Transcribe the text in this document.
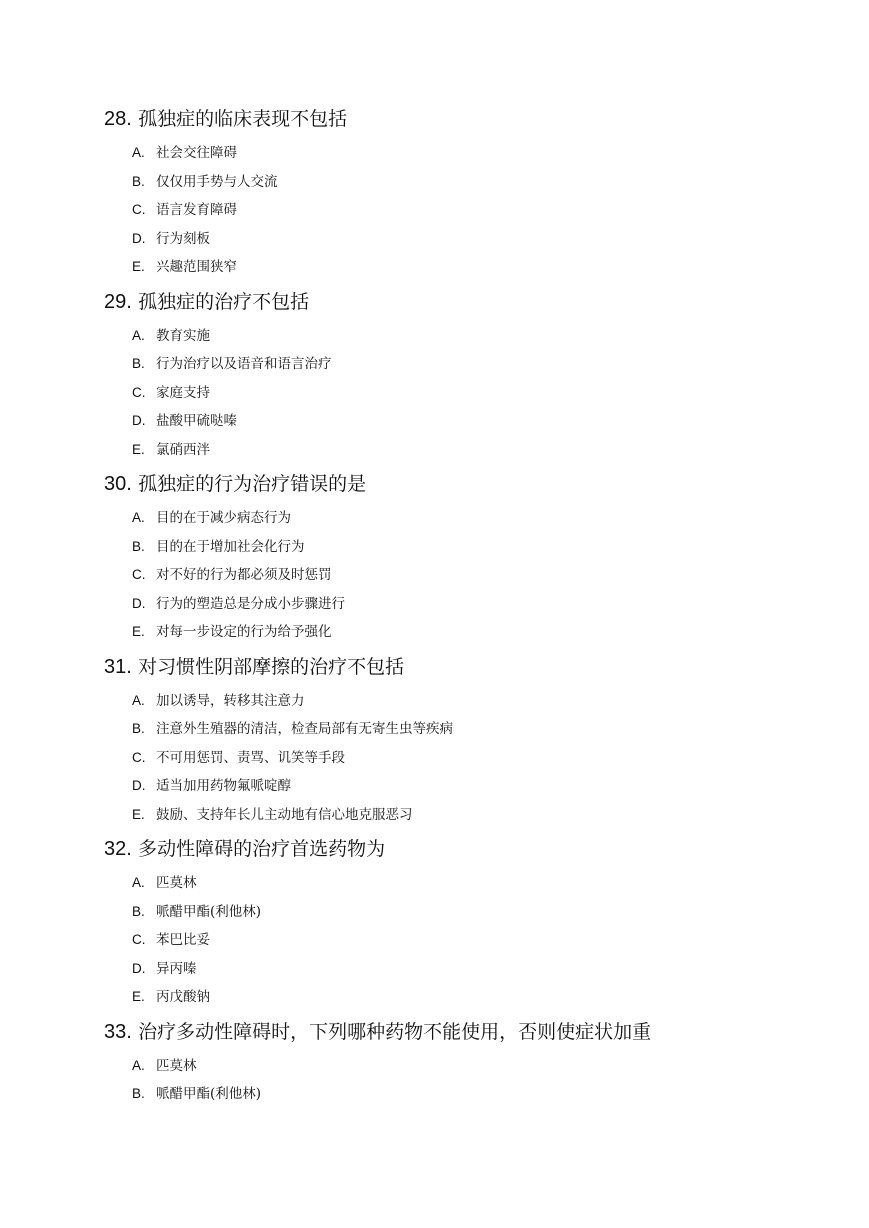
28. 孤独症的临床表现不包括
A. 社会交往障碍
B. 仅仅用手势与人交流
C. 语言发育障碍
D. 行为刻板
E. 兴趣范围狭窄
29. 孤独症的治疗不包括
A. 教育实施
B. 行为治疗以及语音和语言治疗
C. 家庭支持
D. 盐酸甲硫哒嗪
E. 氯硝西泮
30. 孤独症的行为治疗错误的是
A. 目的在于减少病态行为
B. 目的在于增加社会化行为
C. 对不好的行为都必须及时惩罚
D. 行为的塑造总是分成小步骤进行
E. 对每一步设定的行为给予强化
31. 对习惯性阴部摩擦的治疗不包括
A. 加以诱导，转移其注意力
B. 注意外生殖器的清洁，检查局部有无寄生虫等疾病
C. 不可用惩罚、责骂、讥笑等手段
D. 适当加用药物氟哌啶醇
E. 鼓励、支持年长儿主动地有信心地克服恶习
32. 多动性障碍的治疗首选药物为
A. 匹莫林
B. 哌醋甲酯(利他林)
C. 苯巴比妥
D. 异丙嗪
E. 丙戊酸钠
33. 治疗多动性障碍时，下列哪种药物不能使用，否则使症状加重
A. 匹莫林
B. 哌醋甲酯(利他林)
